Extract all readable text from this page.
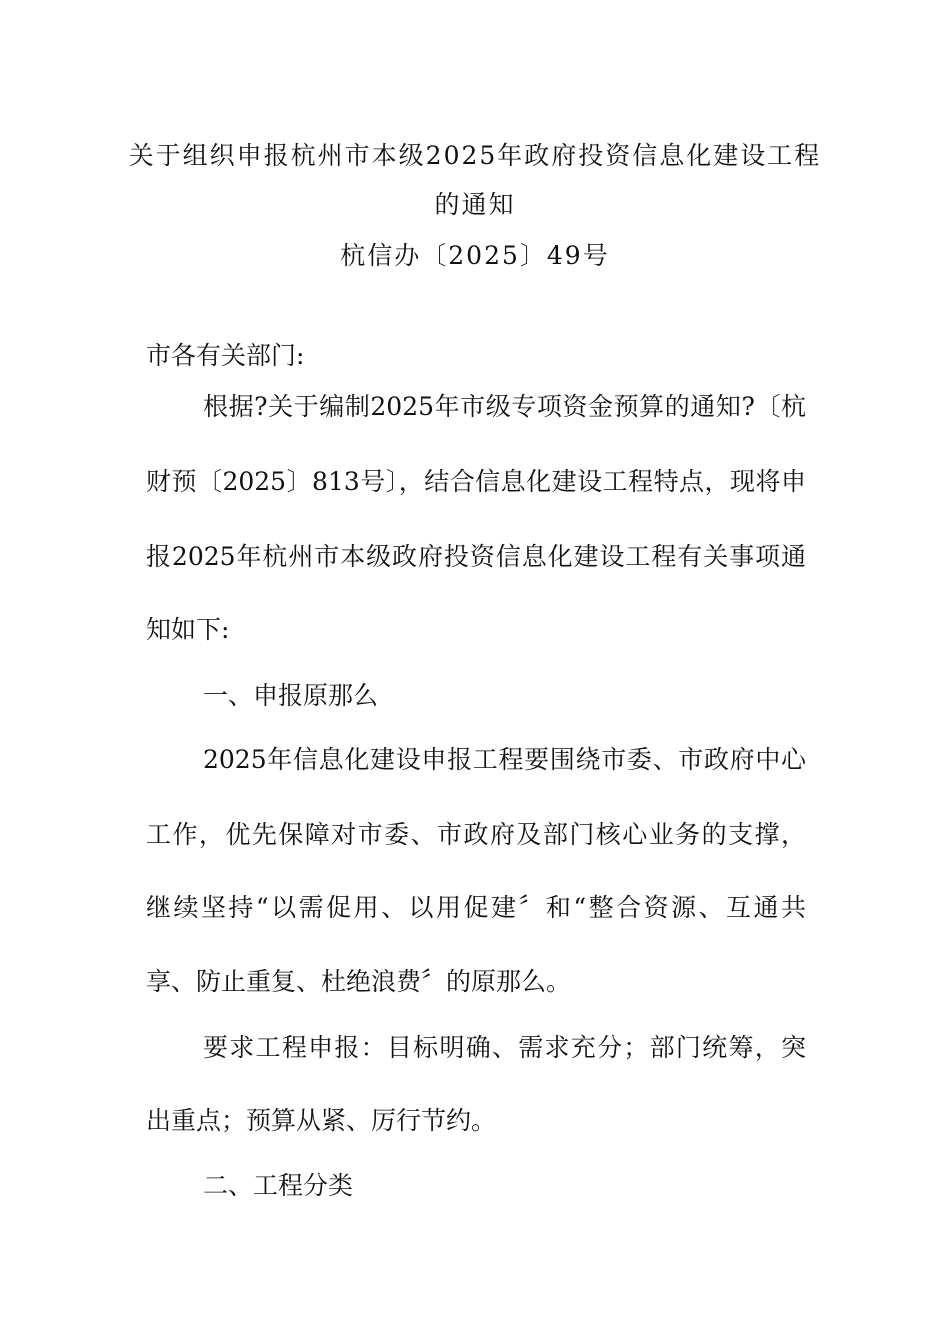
关于组织申报杭州市本级2025年政府投资信息化建设工程
的通知
杭信办〔2025〕49号
市各有关部门:
根据?关于编制2025年市级专项资金预算的通知?〔杭
财预〔2025〕813号〕，结合信息化建设工程特点，现将申
报2025年杭州市本级政府投资信息化建设工程有关事项通
知如下:
一、申报原那么
2025年信息化建设申报工程要围绕市委、市政府中心
工作，优先保障对市委、市政府及部门核心业务的支撑，
继续坚持“以需促用、以用促建〞和“整合资源、互通共
享、防止重复、杜绝浪费〞的原那么。
要求工程申报：目标明确、需求充分；部门统筹，突
出重点；预算从紧、厉行节约。
二、工程分类
